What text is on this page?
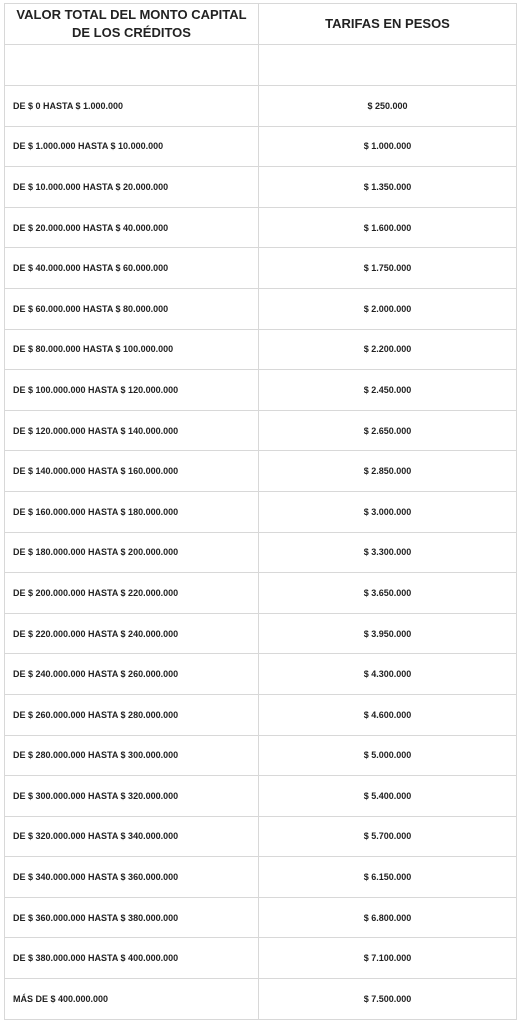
VALOR TOTAL DEL MONTO CAPITAL DE LOS CRÉDITOS
TARIFAS EN PESOS
DE $ 0 HASTA $ 1.000.000	$ 250.000
DE $ 1.000.000 HASTA $ 10.000.000	$ 1.000.000
DE $ 10.000.000 HASTA $ 20.000.000	$ 1.350.000
DE $ 20.000.000 HASTA $ 40.000.000	$ 1.600.000
DE $ 40.000.000 HASTA $ 60.000.000	$ 1.750.000
DE $ 60.000.000 HASTA $ 80.000.000	$ 2.000.000
DE $ 80.000.000 HASTA $ 100.000.000	$ 2.200.000
DE $ 100.000.000 HASTA $ 120.000.000	$ 2.450.000
DE $ 120.000.000 HASTA $ 140.000.000	$ 2.650.000
DE $ 140.000.000 HASTA $ 160.000.000	$ 2.850.000
DE $ 160.000.000 HASTA $ 180.000.000	$ 3.000.000
DE $ 180.000.000 HASTA $ 200.000.000	$ 3.300.000
DE $ 200.000.000 HASTA $ 220.000.000	$ 3.650.000
DE $ 220.000.000 HASTA $ 240.000.000	$ 3.950.000
DE $ 240.000.000 HASTA $ 260.000.000	$ 4.300.000
DE $ 260.000.000 HASTA $ 280.000.000	$ 4.600.000
DE $ 280.000.000 HASTA $ 300.000.000	$ 5.000.000
DE $ 300.000.000 HASTA $ 320.000.000	$ 5.400.000
DE $ 320.000.000 HASTA $ 340.000.000	$ 5.700.000
DE $ 340.000.000 HASTA $ 360.000.000	$ 6.150.000
DE $ 360.000.000 HASTA $ 380.000.000	$ 6.800.000
DE $ 380.000.000 HASTA $ 400.000.000	$ 7.100.000
MÁS DE $ 400.000.000	$ 7.500.000
